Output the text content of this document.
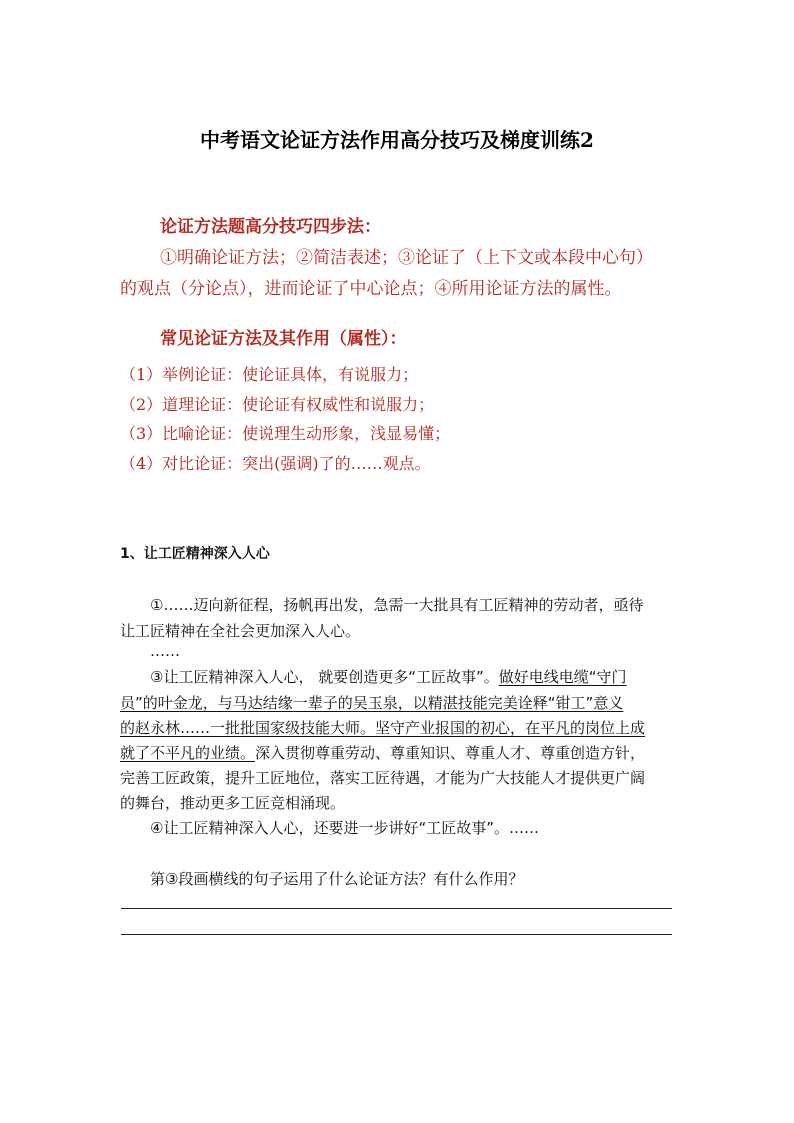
中考语文论证方法作用高分技巧及梯度训练2
论证方法题高分技巧四步法：
①明确论证方法；②简洁表述；③论证了（上下文或本段中心句）
的观点（分论点），进而论证了中心论点；④所用论证方法的属性。
常见论证方法及其作用（属性）：
（1）举例论证：使论证具体，有说服力；
（2）道理论证：使论证有权威性和说服力；
（3）比喻论证：使说理生动形象，浅显易懂；
（4）对比论证：突出(强调)了的……观点。
1、让工匠精神深入人心
①……迈向新征程，扬帆再出发，急需一大批具有工匠精神的劳动者，亟待
让工匠精神在全社会更加深入人心。
……
③让工匠精神深入人心， 就要创造更多“工匠故事”。做好电线电缆“守门
员”的叶金龙，与马达结缘一辈子的吴玉泉，以精湛技能完美诠释“钳工”意义
的赵永林……一批批国家级技能大师。坚守产业报国的初心，在平凡的岗位上成
就了不平凡的业绩。深入贯彻尊重劳动、尊重知识、尊重人才、尊重创造方针，
完善工匠政策，提升工匠地位，落实工匠待遇，才能为广大技能人才提供更广阔
的舞台，推动更多工匠竞相涌现。
④让工匠精神深入人心，还要进一步讲好“工匠故事”。……
第③段画横线的句子运用了什么论证方法？有什么作用？
